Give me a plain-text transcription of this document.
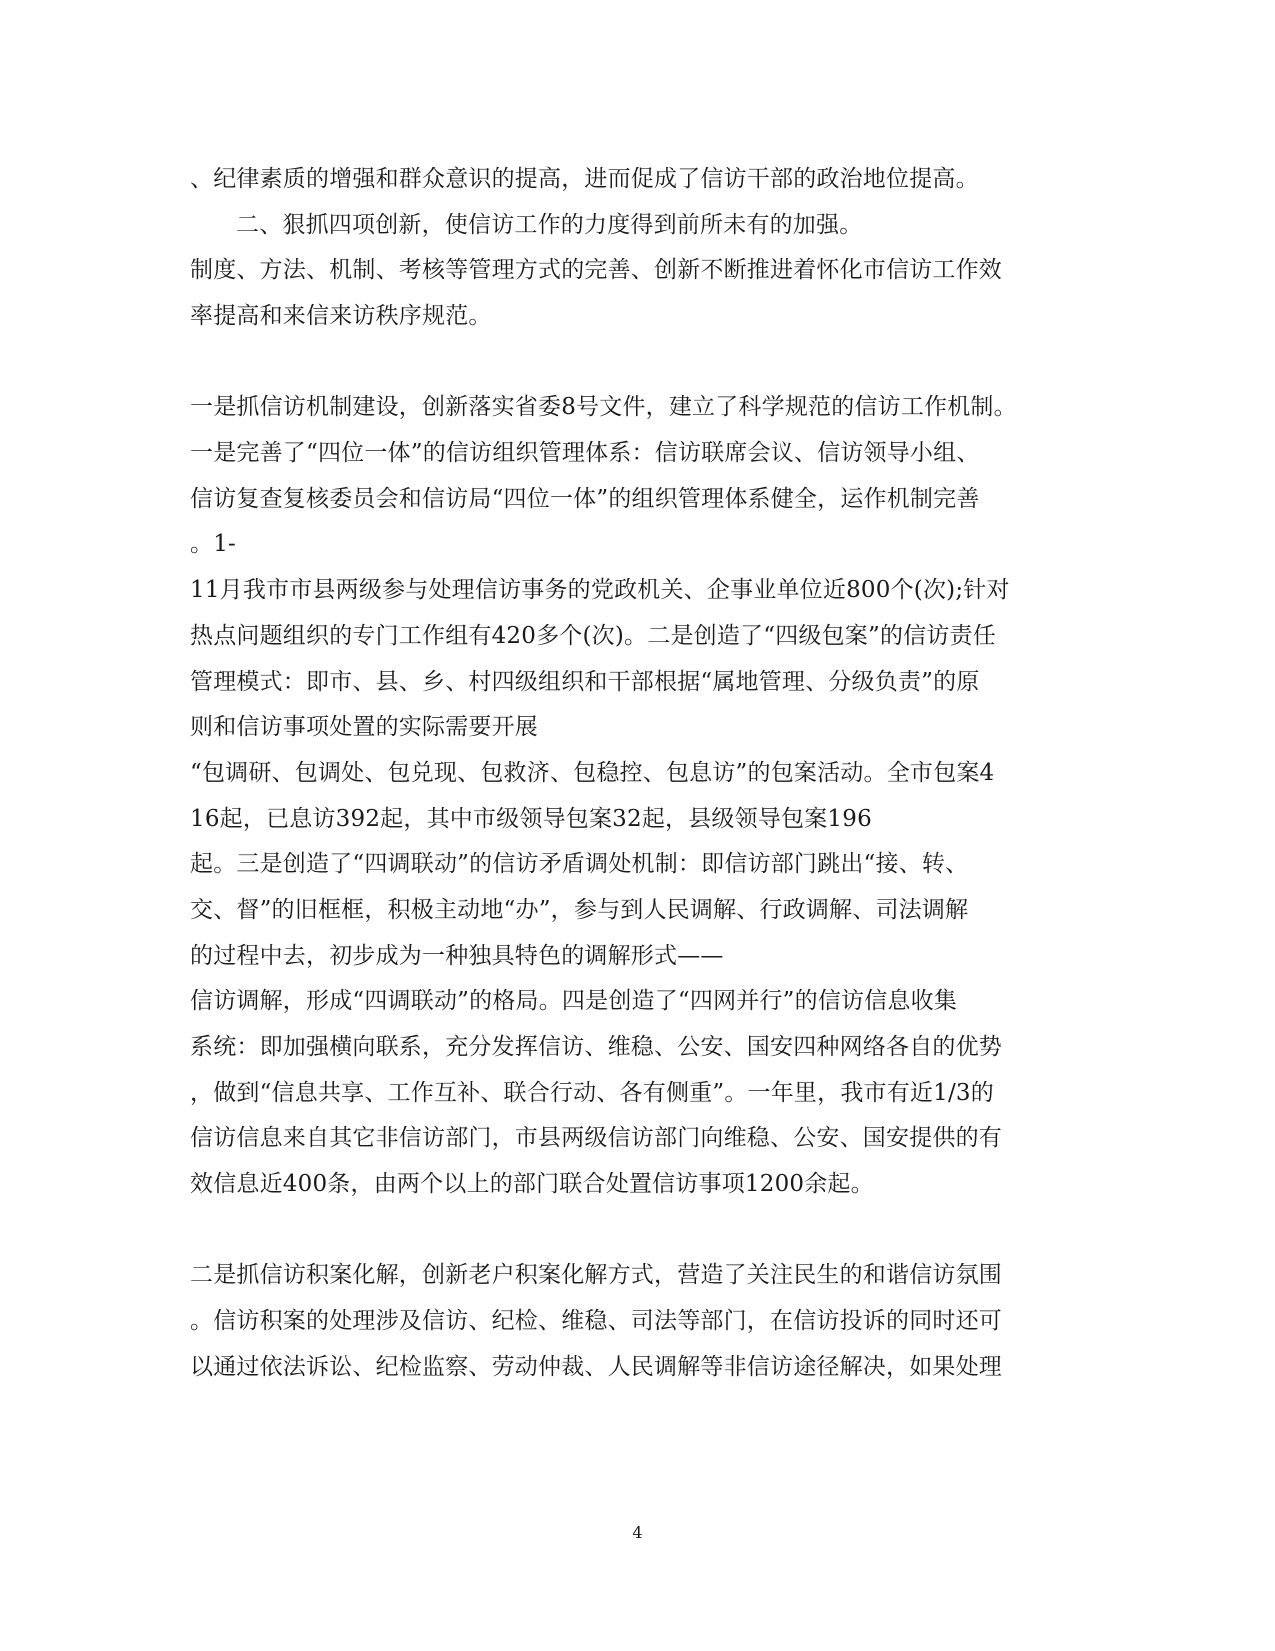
、纪律素质的增强和群众意识的提高，进而促成了信访干部的政治地位提高。
二、狠抓四项创新，使信访工作的力度得到前所未有的加强。
制度、方法、机制、考核等管理方式的完善、创新不断推进着怀化市信访工作效
率提高和来信来访秩序规范。
一是抓信访机制建设，创新落实省委8号文件，建立了科学规范的信访工作机制。
一是完善了“四位一体”的信访组织管理体系：信访联席会议、信访领导小组、
信访复查复核委员会和信访局“四位一体”的组织管理体系健全，运作机制完善
。1-
11月我市市县两级参与处理信访事务的党政机关、企事业单位近800个(次);针对
热点问题组织的专门工作组有420多个(次)。二是创造了“四级包案”的信访责任
管理模式：即市、县、乡、村四级组织和干部根据“属地管理、分级负责”的原
则和信访事项处置的实际需要开展
“包调研、包调处、包兑现、包救济、包稳控、包息访”的包案活动。全市包案4
16起，已息访392起，其中市级领导包案32起，县级领导包案196
起。三是创造了“四调联动”的信访矛盾调处机制：即信访部门跳出“接、转、
交、督”的旧框框，积极主动地“办”，参与到人民调解、行政调解、司法调解
的过程中去，初步成为一种独具特色的调解形式——
信访调解，形成“四调联动”的格局。四是创造了“四网并行”的信访信息收集
系统：即加强横向联系，充分发挥信访、维稳、公安、国安四种网络各自的优势
，做到“信息共享、工作互补、联合行动、各有侧重”。一年里，我市有近1/3的
信访信息来自其它非信访部门，市县两级信访部门向维稳、公安、国安提供的有
效信息近400条，由两个以上的部门联合处置信访事项1200余起。
二是抓信访积案化解，创新老户积案化解方式，营造了关注民生的和谐信访氛围
。信访积案的处理涉及信访、纪检、维稳、司法等部门，在信访投诉的同时还可
以通过依法诉讼、纪检监察、劳动仲裁、人民调解等非信访途径解决，如果处理
4
